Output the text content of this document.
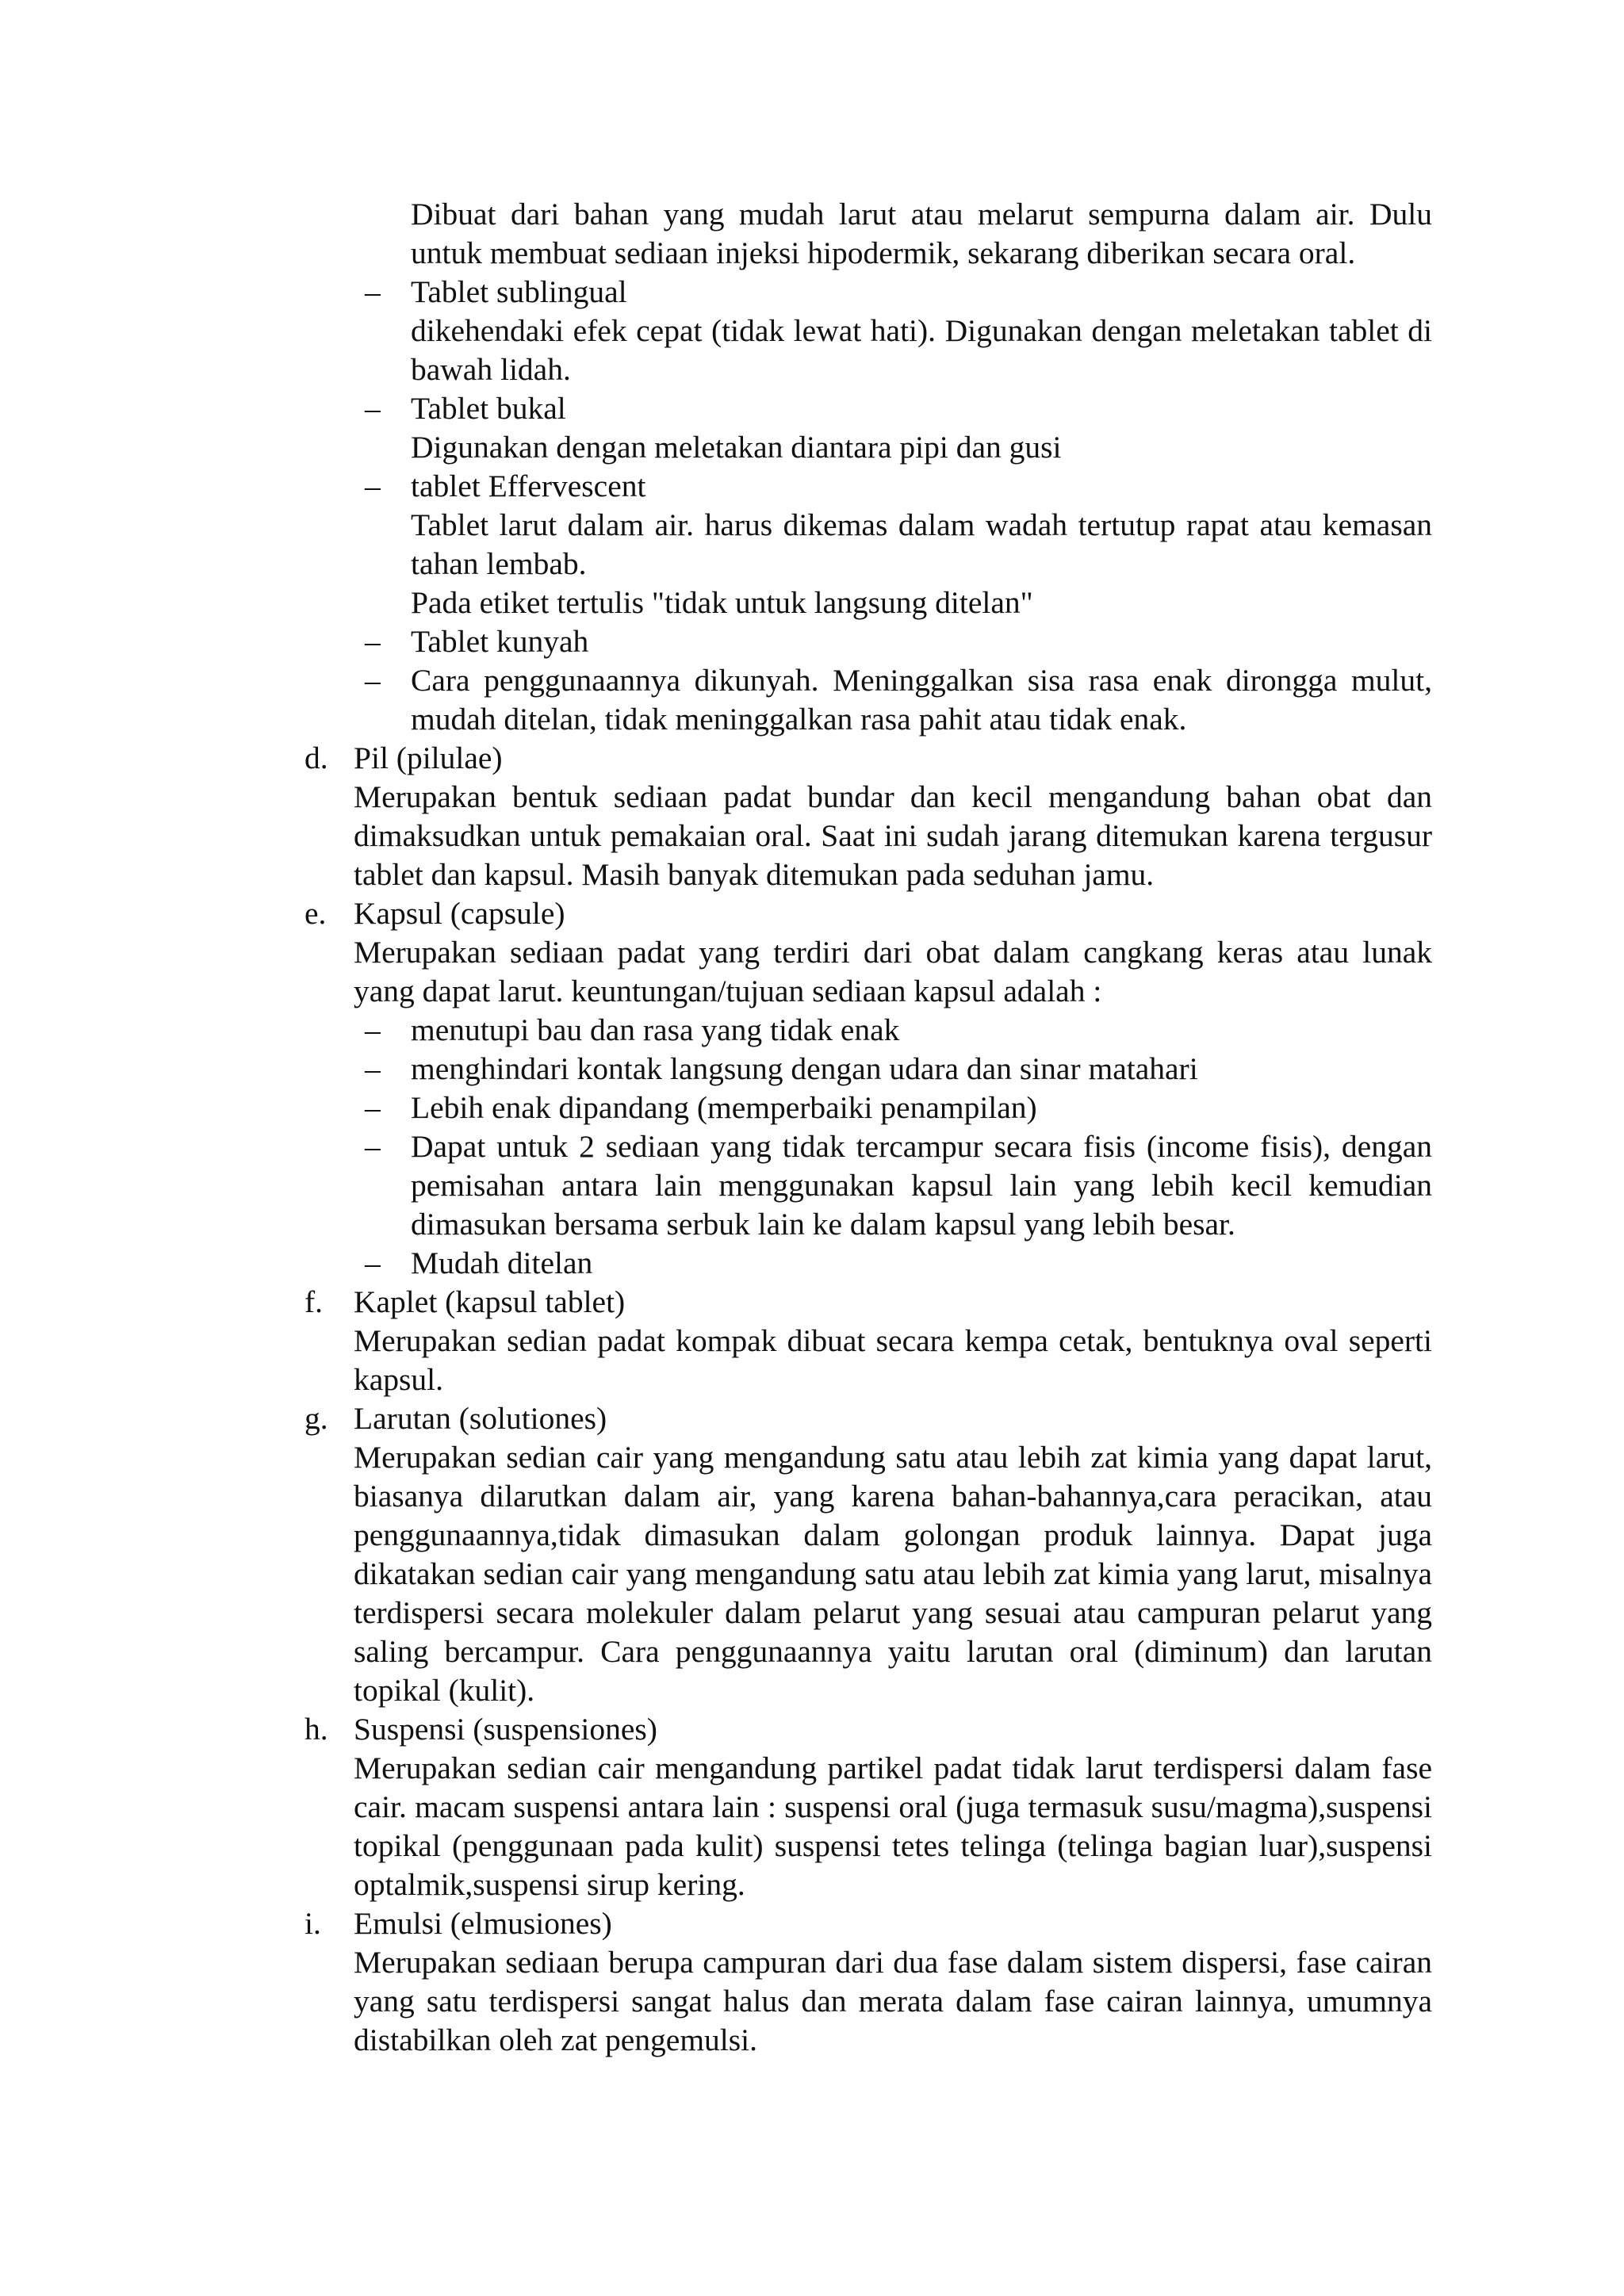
Dibuat dari bahan yang mudah larut atau melarut sempurna dalam air. Dulu untuk membuat sediaan injeksi hipodermik, sekarang diberikan secara oral.

– Tablet sublingual

dikehendaki efek cepat (tidak lewat hati). Digunakan dengan meletakan tablet di bawah lidah.

– Tablet bukal

Digunakan dengan meletakan diantara pipi dan gusi

– tablet Effervescent

Tablet larut dalam air. harus dikemas dalam wadah tertutup rapat atau kemasan tahan lembab.

Pada etiket tertulis "tidak untuk langsung ditelan"

– Tablet kunyah

– Cara penggunaannya dikunyah. Meninggalkan sisa rasa enak dirongga mulut, mudah ditelan, tidak meninggalkan rasa pahit atau tidak enak.

d. Pil (pilulae)

Merupakan bentuk sediaan padat bundar dan kecil mengandung bahan obat dan dimaksudkan untuk pemakaian oral. Saat ini sudah jarang ditemukan karena tergusur tablet dan kapsul. Masih banyak ditemukan pada seduhan jamu.

e. Kapsul (capsule)

Merupakan sediaan padat yang terdiri dari obat dalam cangkang keras atau lunak yang dapat larut. keuntungan/tujuan sediaan kapsul adalah :

– menutupi bau dan rasa yang tidak enak

– menghindari kontak langsung dengan udara dan sinar matahari

– Lebih enak dipandang (memperbaiki penampilan)

– Dapat untuk 2 sediaan yang tidak tercampur secara fisis (income fisis), dengan pemisahan antara lain menggunakan kapsul lain yang lebih kecil kemudian dimasukan bersama serbuk lain ke dalam kapsul yang lebih besar.

– Mudah ditelan

f. Kaplet (kapsul tablet)

Merupakan sedian padat kompak dibuat secara kempa cetak, bentuknya oval seperti kapsul.

g. Larutan (solutiones)

Merupakan sedian cair yang mengandung satu atau lebih zat kimia yang dapat larut, biasanya dilarutkan dalam air, yang karena bahan-bahannya,cara peracikan, atau penggunaannya,tidak dimasukan dalam golongan produk lainnya. Dapat juga dikatakan sedian cair yang mengandung satu atau lebih zat kimia yang larut, misalnya terdispersi secara molekuler dalam pelarut yang sesuai atau campuran pelarut yang saling bercampur. Cara penggunaannya yaitu larutan oral (diminum) dan larutan topikal (kulit).

h. Suspensi (suspensiones)

Merupakan sedian cair mengandung partikel padat tidak larut terdispersi dalam fase cair. macam suspensi antara lain : suspensi oral (juga termasuk susu/magma),suspensi topikal (penggunaan pada kulit) suspensi tetes telinga (telinga bagian luar),suspensi optalmik,suspensi sirup kering.

i. Emulsi (elmusiones)

Merupakan sediaan berupa campuran dari dua fase dalam sistem dispersi, fase cairan yang satu terdispersi sangat halus dan merata dalam fase cairan lainnya, umumnya distabilkan oleh zat pengemulsi.
